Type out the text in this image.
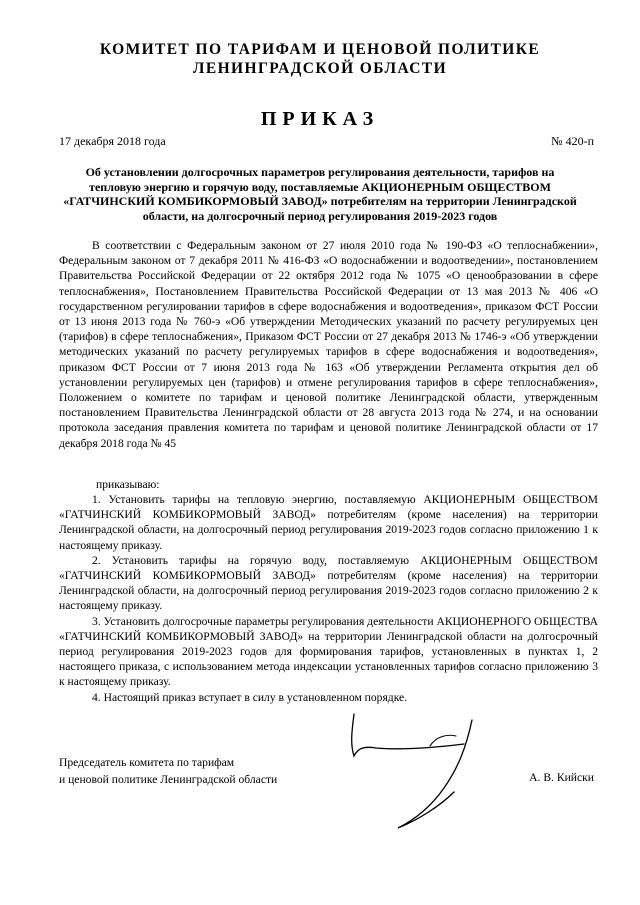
КОМИТЕТ ПО ТАРИФАМ И ЦЕНОВОЙ ПОЛИТИКЕ
ЛЕНИНГРАДСКОЙ ОБЛАСТИ
ПРИКАЗ
17 декабря 2018 года	№ 420-п
Об установлении долгосрочных параметров регулирования деятельности, тарифов на тепловую энергию и горячую воду, поставляемые АКЦИОНЕРНЫМ ОБЩЕСТВОМ «ГАТЧИНСКИЙ КОМБИКОРМОВЫЙ ЗАВОД» потребителям на территории Ленинградской области, на долгосрочный период регулирования 2019-2023 годов

В соответствии с Федеральным законом от 27 июля 2010 года № 190-ФЗ «О теплоснабжении», Федеральным законом от 7 декабря 2011 № 416-ФЗ «О водоснабжении и водоотведении», постановлением Правительства Российской Федерации от 22 октября 2012 года № 1075 «О ценообразовании в сфере теплоснабжения», Постановлением Правительства Российской Федерации от 13 мая 2013 № 406 «О государственном регулировании тарифов в сфере водоснабжения и водоотведения», приказом ФСТ России от 13 июня 2013 года № 760-э «Об утверждении Методических указаний по расчету регулируемых цен (тарифов) в сфере теплоснабжения», Приказом ФСТ России от 27 декабря 2013 № 1746-э «Об утверждении методических указаний по расчету регулируемых тарифов в сфере водоснабжения и водоотведения», приказом ФСТ России от 7 июня 2013 года № 163 «Об утверждении Регламента открытия дел об установлении регулируемых цен (тарифов) и отмене регулирования тарифов в сфере теплоснабжения», Положением о комитете по тарифам и ценовой политике Ленинградской области, утвержденным постановлением Правительства Ленинградской области от 28 августа 2013 года № 274, и на основании протокола заседания правления комитета по тарифам и ценовой политике Ленинградской области от 17 декабря 2018 года № 45

приказываю:

1. Установить тарифы на тепловую энергию, поставляемую АКЦИОНЕРНЫМ ОБЩЕСТВОМ «ГАТЧИНСКИЙ КОМБИКОРМОВЫЙ ЗАВОД» потребителям (кроме населения) на территории Ленинградской области, на долгосрочный период регулирования 2019-2023 годов согласно приложению 1 к настоящему приказу.

2. Установить тарифы на горячую воду, поставляемую АКЦИОНЕРНЫМ ОБЩЕСТВОМ «ГАТЧИНСКИЙ КОМБИКОРМОВЫЙ ЗАВОД» потребителям (кроме населения) на территории Ленинградской области, на долгосрочный период регулирования 2019-2023 годов согласно приложению 2 к настоящему приказу.

3. Установить долгосрочные параметры регулирования деятельности АКЦИОНЕРНОГО ОБЩЕСТВА «ГАТЧИНСКИЙ КОМБИКОРМОВЫЙ ЗАВОД» на территории Ленинградской области на долгосрочный период регулирования 2019-2023 годов для формирования тарифов, установленных в пунктах 1, 2 настоящего приказа, с использованием метода индексации установленных тарифов согласно приложению 3 к настоящему приказу.

4. Настоящий приказ вступает в силу в установленном порядке.

Председатель комитета по тарифам
и ценовой политике Ленинградской области	А. В. Кийски
